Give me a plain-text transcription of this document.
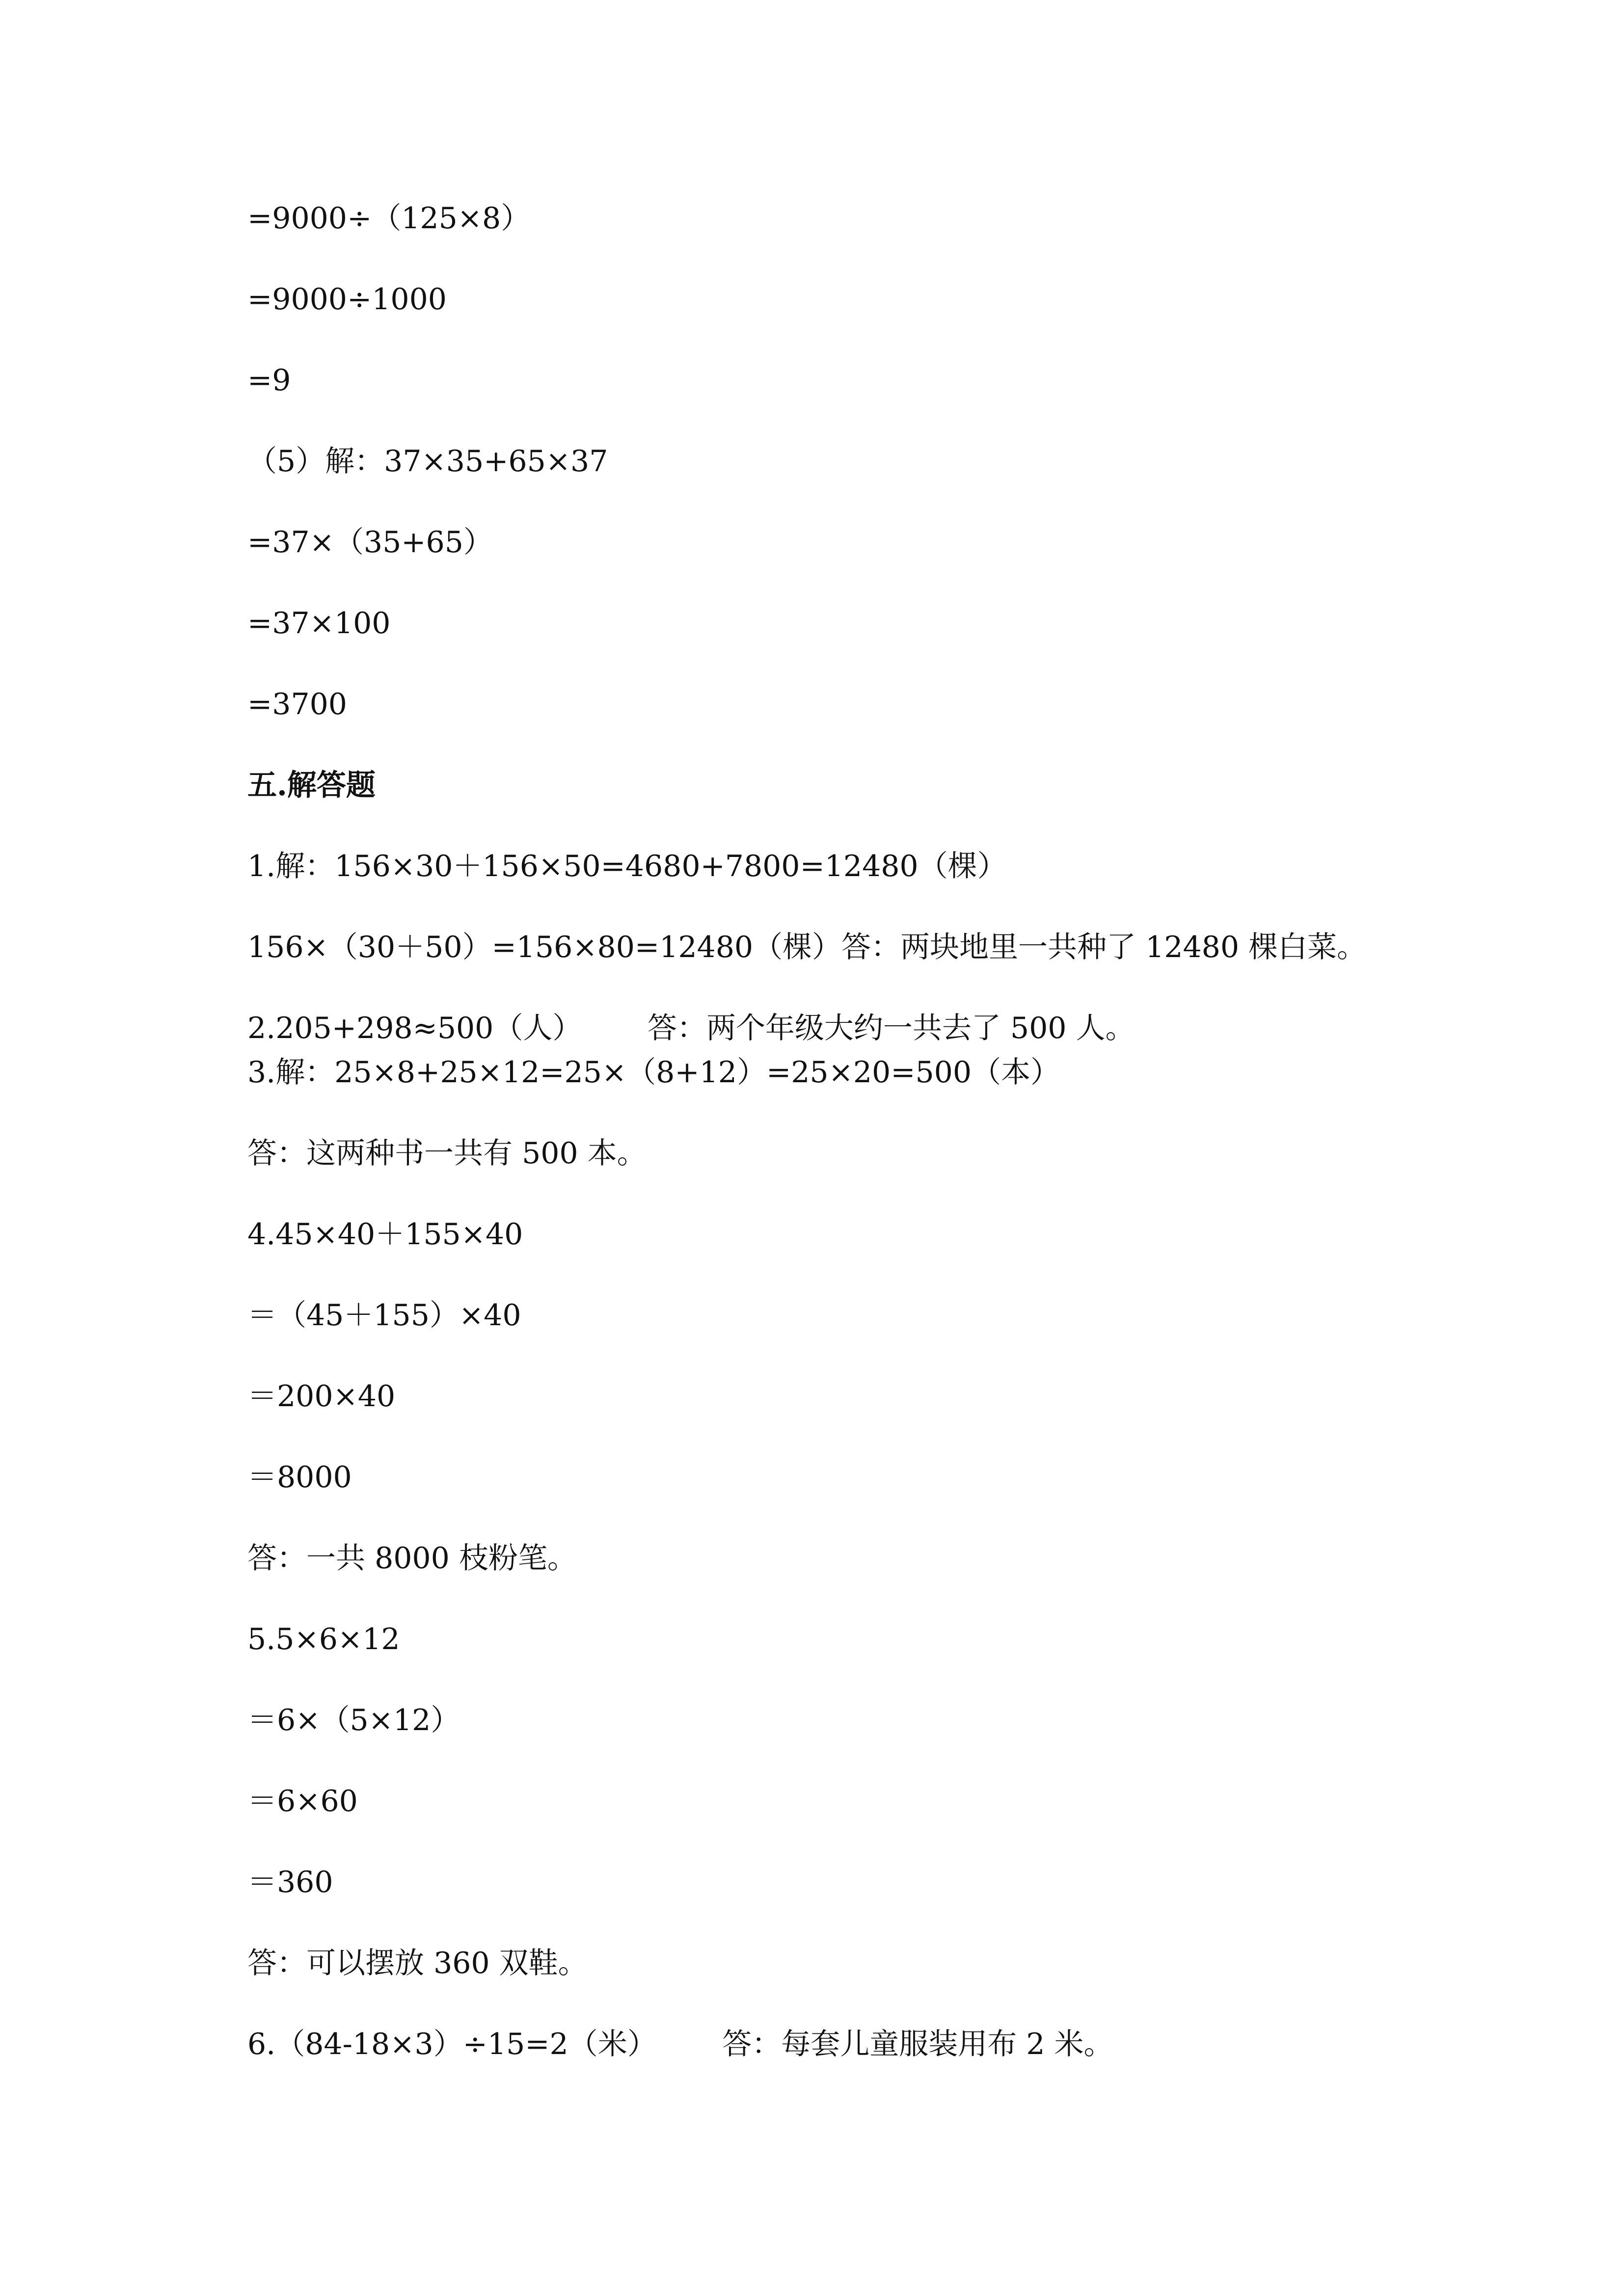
=9000÷（125×8）
=9000÷1000
=9
（5）解：37×35+65×37
=37×（35+65）
=37×100
=3700
五.解答题
1.解：156×30＋156×50=4680+7800=12480（棵）
156×（30＋50）=156×80=12480（棵）答：两块地里一共种了 12480 棵白菜。
2.205+298≈500（人）       答：两个年级大约一共去了 500 人。
3.解：25×8+25×12=25×（8+12）=25×20=500（本）
答：这两种书一共有 500 本。
4.45×40＋155×40
＝（45＋155）×40
＝200×40
＝8000
答：一共 8000 枝粉笔。
5.5×6×12
＝6×（5×12）
＝6×60
＝360
答：可以摆放 360 双鞋。
6.（84-18×3）÷15=2（米）       答：每套儿童服装用布 2 米。
